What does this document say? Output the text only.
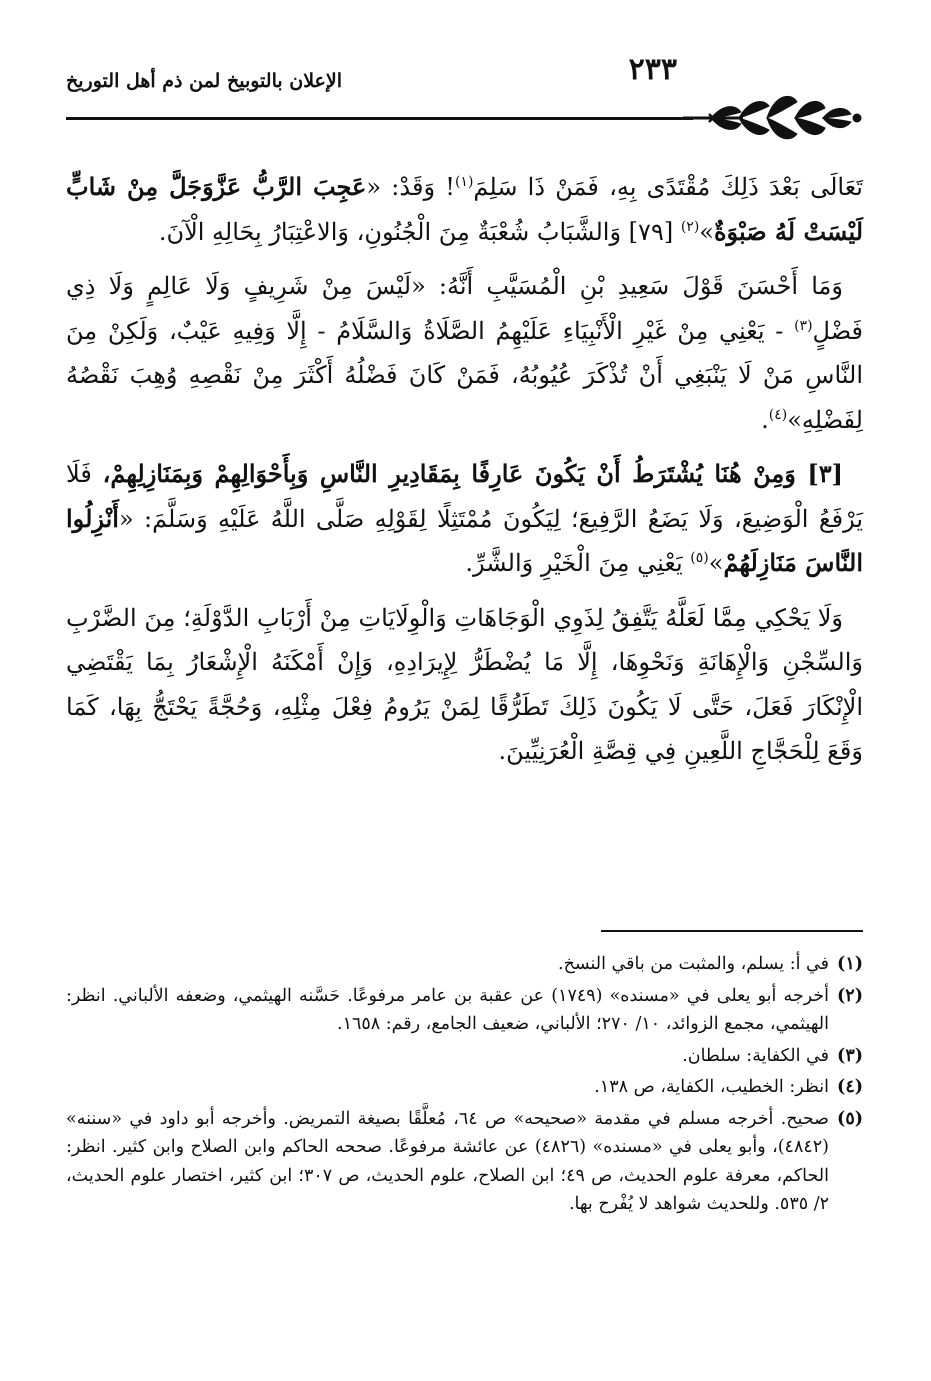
الإعلان بالتوبيخ لمن ذم أهل التوريخ	٢٣٣

تَعَالَى بَعْدَ ذَلِكَ مُقْتَدًى بِهِ، فَمَنْ ذَا سَلِمَ$^{(١)}$! وَقَدْ: «عَجِبَ الرَّبُّ عَزَّوَجَلَّ مِنْ شَابٍّ لَيْسَتْ لَهُ صَبْوَةٌ»$^{(٢)}$ [٧٩] وَالشَّبَابُ شُعْبَةٌ مِنَ الْجُنُونِ، وَالاعْتِبَارُ بِحَالِهِ الْآنَ.

وَمَا أَحْسَنَ قَوْلَ سَعِيدِ بْنِ الْمُسَيَّبِ أَنَّهُ: «لَيْسَ مِنْ شَرِيفٍ وَلَا عَالِمٍ وَلَا ذِي فَضْلٍ$^{(٣)}$ - يَعْنِي مِنْ غَيْرِ الْأَنْبِيَاءِ عَلَيْهِمُ الصَّلَاةُ وَالسَّلَامُ - إِلَّا وَفِيهِ عَيْبٌ، وَلَكِنْ مِنَ النَّاسِ مَنْ لَا يَنْبَغِي أَنْ تُذْكَرَ عُيُوبُهُ، فَمَنْ كَانَ فَضْلُهُ أَكْثَرَ مِنْ نَقْصِهِ وُهِبَ نَقْصُهُ لِفَضْلِهِ»$^{(٤)}$.

[٣] وَمِنْ هُنَا يُشْتَرَطُ أَنْ يَكُونَ عَارِفًا بِمَقَادِيرِ النَّاسِ وَبِأَحْوَالِهِمْ وَبِمَنَازِلِهِمْ، فَلَا يَرْفَعُ الْوَضِيعَ، وَلَا يَضَعُ الرَّفِيعَ؛ لِيَكُونَ مُمْتَثِلًا لِقَوْلِهِ صَلَّى اللَّهُ عَلَيْهِ وَسَلَّمَ: «أَنْزِلُوا النَّاسَ مَنَازِلَهُمْ»$^{(٥)}$ يَعْنِي مِنَ الْخَيْرِ وَالشَّرِّ.

وَلَا يَحْكِي مِمَّا لَعَلَّهُ يَتَّفِقُ لِذَوِي الْوَجَاهَاتِ وَالْوِلَايَاتِ مِنْ أَرْبَابِ الدَّوْلَةِ؛ مِنَ الضَّرْبِ وَالسِّجْنِ وَالْإِهَانَةِ وَنَحْوِهَا، إِلَّا مَا يُضْطَرُّ لِإِيرَادِهِ، وَإِنْ أَمْكَنَهُ الْإِشْعَارُ بِمَا يَقْتَضِي الْإِنْكَارَ فَعَلَ، حَتَّى لَا يَكُونَ ذَلِكَ تَطَرُّقًا لِمَنْ يَرُومُ فِعْلَ مِثْلِهِ، وَحُجَّةً يَحْتَجُّ بِهَا، كَمَا وَقَعَ لِلْحَجَّاجِ اللَّعِينِ فِي قِصَّةِ الْعُرَنِيِّينَ.

(١)في أ: يسلم، والمثبت من باقي النسخ.

(٢)أخرجه أبو يعلى في «مسنده» (١٧٤٩) عن عقبة بن عامر مرفوعًا. حَسَّنه الهيثمي، وضعفه الألباني. انظر: الهيثمي، مجمع الزوائد، ١٠/ ٢٧٠؛ الألباني، ضعيف الجامع، رقم: ١٦٥٨.

(٣)في الكفاية: سلطان.

(٤)انظر: الخطيب، الكفاية، ص ١٣٨.

(٥)صحيح. أخرجه مسلم في مقدمة «صحيحه» ص ٦٤، مُعلَّقًا بصيغة التمريض. وأخرجه أبو داود في «سننه» (٤٨٤٢)، وأبو يعلى في «مسنده» (٤٨٢٦) عن عائشة مرفوعًا. صححه الحاكم وابن الصلاح وابن كثير. انظر: الحاكم، معرفة علوم الحديث، ص ٤٩؛ ابن الصلاح، علوم الحديث، ص ٣٠٧؛ ابن كثير، اختصار علوم الحديث، ٢/ ٥٣٥. وللحديث شواهد لا يُفْرح بها.
